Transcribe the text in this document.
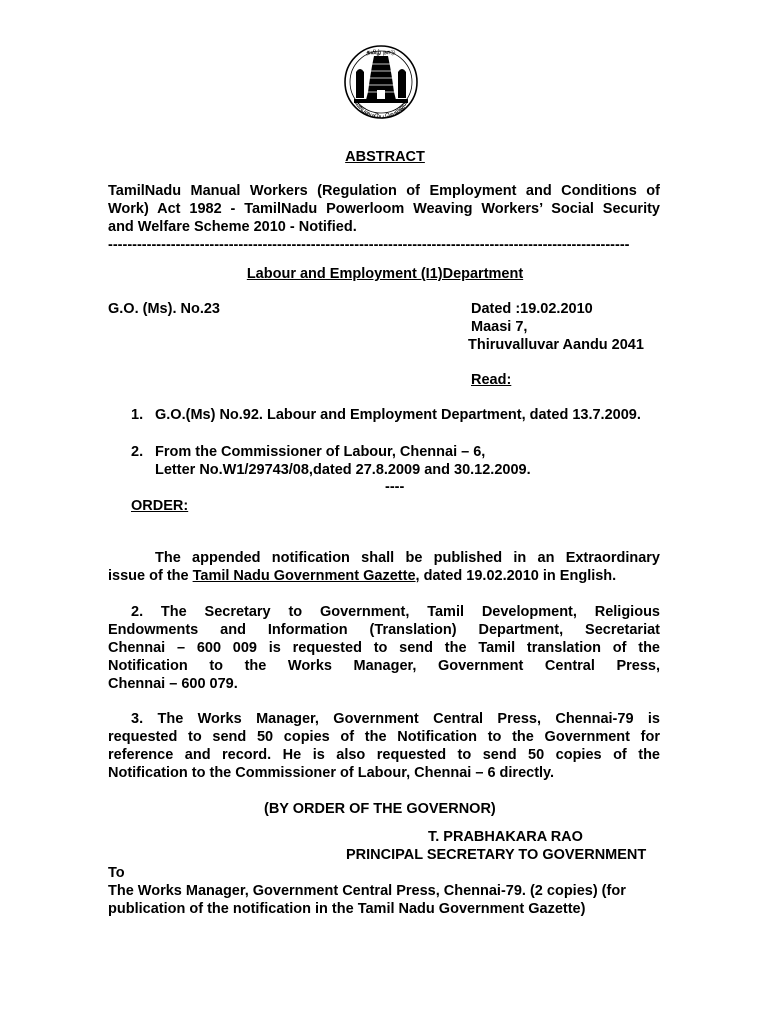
தமிழ் நாடு
வாய்மையே வெல்லும்
ABSTRACT
TamilNadu Manual Workers (Regulation of Employment and Conditions of
Work) Act 1982 - TamilNadu Powerloom Weaving Workers’ Social Security
and Welfare Scheme 2010 - Notified.
------------------------------------------------------------------------------------------------------------
Labour and Employment (I1)Department
G.O. (Ms). No.23	Dated :19.02.2010
Maasi 7,
Thiruvalluvar Aandu 2041
Read:
1. G.O.(Ms) No.92. Labour and Employment Department, dated 13.7.2009.
2. From the Commissioner of Labour, Chennai – 6,
Letter No.W1/29743/08,dated 27.8.2009 and 30.12.2009.
----
ORDER:
The appended notification shall be published in an Extraordinary
issue of the Tamil Nadu Government Gazette, dated 19.02.2010 in English.
2. The Secretary to Government, Tamil Development, Religious
Endowments and Information (Translation) Department, Secretariat
Chennai – 600 009 is requested to send the Tamil translation of the
Notification to the Works Manager, Government Central Press,
Chennai – 600 079.
3. The Works Manager, Government Central Press, Chennai-79 is
requested to send 50 copies of the Notification to the Government for
reference and record. He is also requested to send 50 copies of the
Notification to the Commissioner of Labour, Chennai – 6 directly.
(BY ORDER OF THE GOVERNOR)
T. PRABHAKARA RAO
PRINCIPAL SECRETARY TO GOVERNMENT
To
The Works Manager, Government Central Press, Chennai-79. (2 copies) (for
publication of the notification in the Tamil Nadu Government Gazette)
